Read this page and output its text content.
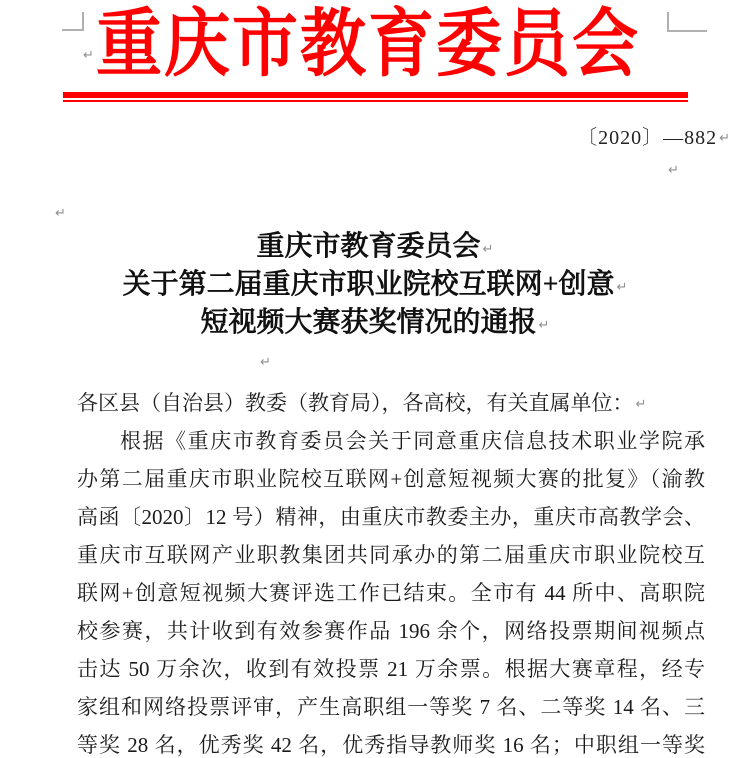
↵
↵
↵
↵
重庆市教育委员会
〔2020〕—882 ↵
重庆市教育委员会 ↵
关于第二届重庆市职业院校互联网+创意 ↵
短视频大赛获奖情况的通报 ↵
各区县（自治县）教委（教育局），各高校，有关直属单位： ↵
根据《重庆市教育委员会关于同意重庆信息技术职业学院承
办第二届重庆市职业院校互联网+创意短视频大赛的批复》（渝教
高函〔2020〕12 号）精神，由重庆市教委主办，重庆市高教学会、
重庆市互联网产业职教集团共同承办的第二届重庆市职业院校互
联网+创意短视频大赛评选工作已结束。全市有 44 所中、高职院
校参赛，共计收到有效参赛作品 196 余个，网络投票期间视频点
击达 50 万余次，收到有效投票 21 万余票。根据大赛章程，经专
家组和网络投票评审，产生高职组一等奖 7 名、二等奖 14 名、三
等奖 28 名，优秀奖 42 名，优秀指导教师奖 16 名；中职组一等奖
